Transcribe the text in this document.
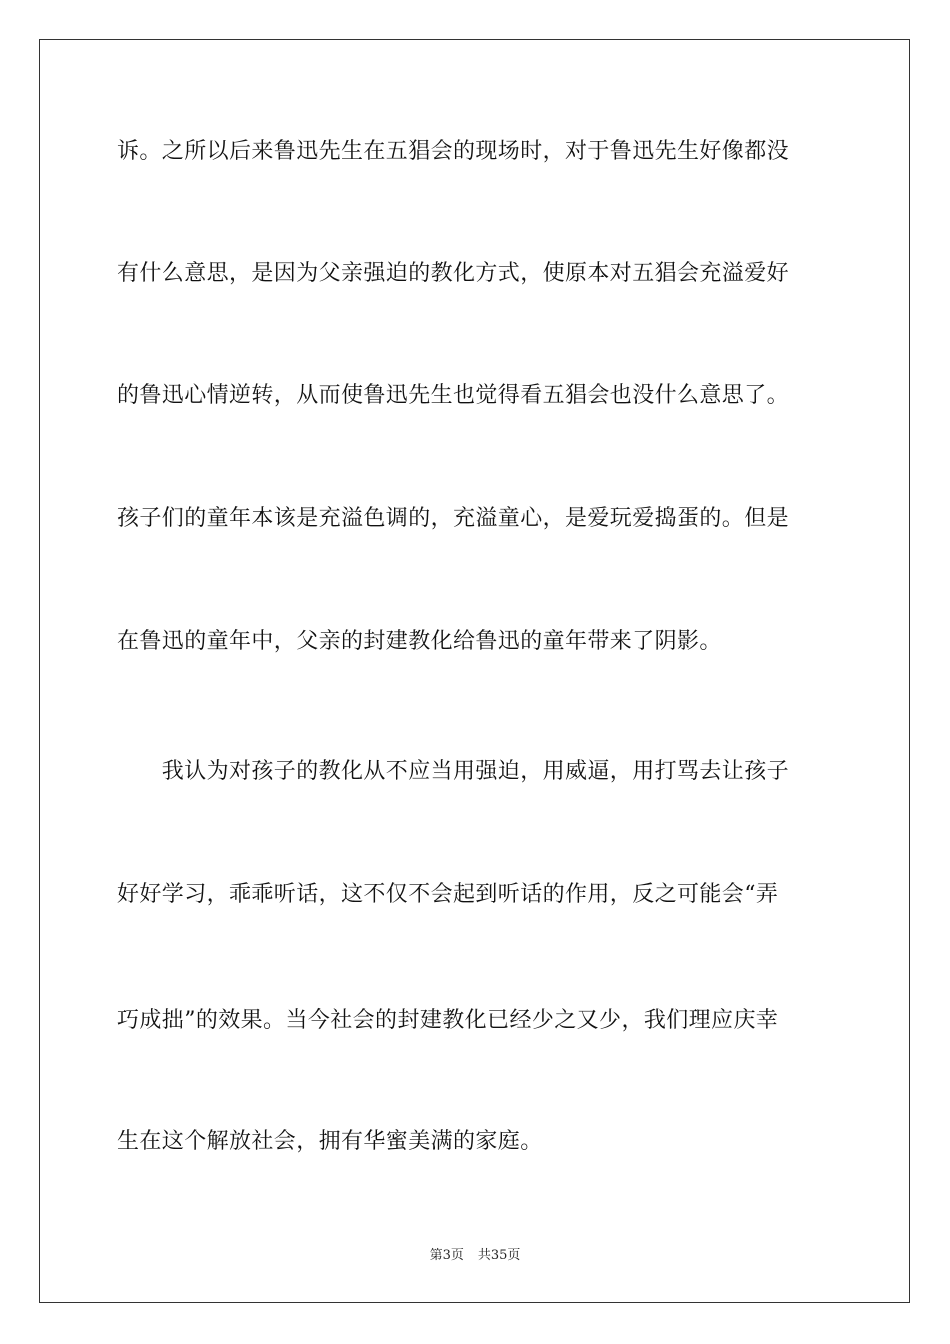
诉。之所以后来鲁迅先生在五猖会的现场时，对于鲁迅先生好像都没
有什么意思，是因为父亲强迫的教化方式，使原本对五猖会充溢爱好
的鲁迅心情逆转，从而使鲁迅先生也觉得看五猖会也没什么意思了。
孩子们的童年本该是充溢色调的，充溢童心，是爱玩爱捣蛋的。但是
在鲁迅的童年中，父亲的封建教化给鲁迅的童年带来了阴影。
　　我认为对孩子的教化从不应当用强迫，用威逼，用打骂去让孩子
好好学习，乖乖听话，这不仅不会起到听话的作用，反之可能会“弄
巧成拙”的效果。当今社会的封建教化已经少之又少，我们理应庆幸
生在这个解放社会，拥有华蜜美满的家庭。
第3页 共35页
